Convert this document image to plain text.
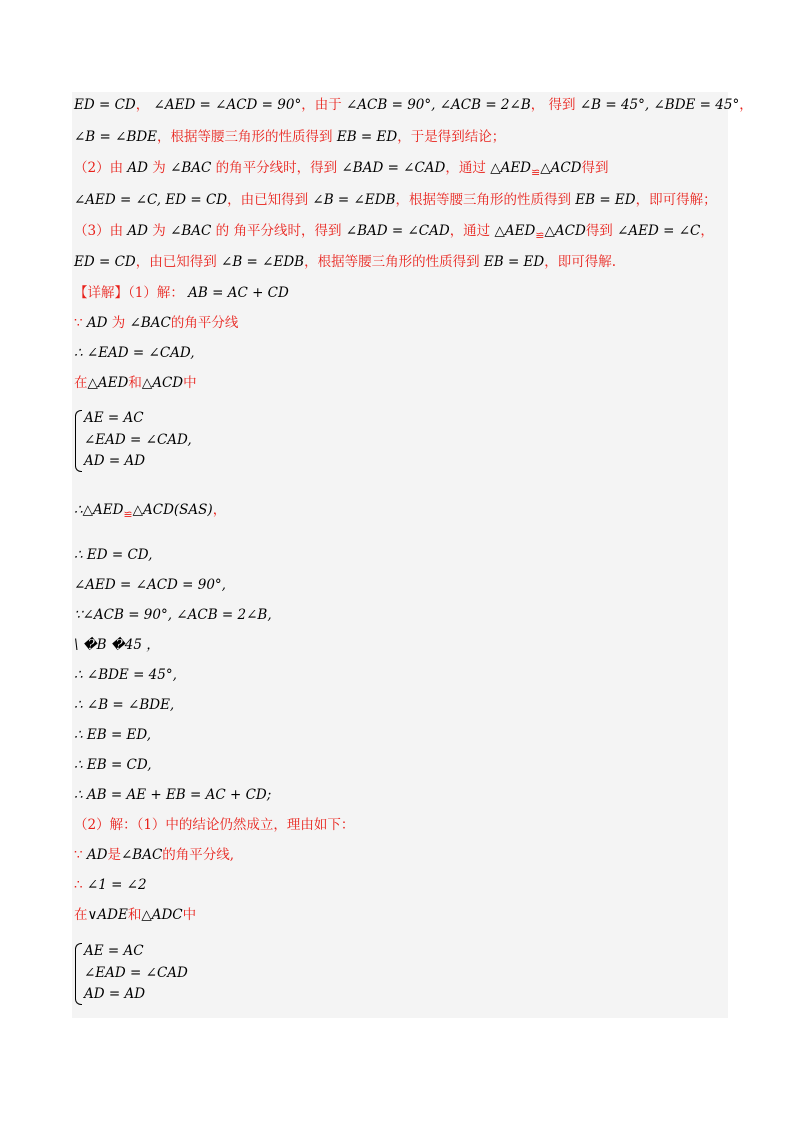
ED = CD， ∠AED = ∠ACD = 90°，由于 ∠ACB = 90°, ∠ACB = 2∠B， 得到 ∠B = 45°, ∠BDE = 45°，
∠B = ∠BDE，根据等腰三角形的性质得到 EB = ED，于是得到结论；
（2）由 AD 为 ∠BAC 的角平分线时，得到 ∠BAD = ∠CAD，通过 $\triangle AED_≌\triangle ACD$得到
∠AED = ∠C, ED = CD，由已知得到 ∠B = ∠EDB，根据等腰三角形的性质得到 EB = ED，即可得解；
（3）由 AD 为 ∠BAC 的 角平分线时，得到 ∠BAD = ∠CAD，通过 $\triangle AED_≌\triangle ACD$得到 ∠AED = ∠C，
ED = CD，由已知得到 ∠B = ∠EDB，根据等腰三角形的性质得到 EB = ED，即可得解.
【详解】（1）解： AB = AC + CD
∵ AD 为 ∠BAC的角平分线
∴ ∠EAD = ∠CAD,
在△AED和△ACD中
AE = AC
∠EAD = ∠CAD,
AD = AD
$\therefore\triangle AED_≌\triangle ACD(SAS)$，
∴ ED = CD,
∠AED = ∠ACD = 90°,
∵∠ACB = 90°, ∠ACB = 2∠B,
\ �B �45 ，
∴ ∠BDE = 45°,
∴ ∠B = ∠BDE,
∴ EB = ED,
∴ EB = CD,
∴ AB = AE + EB = AC + CD;
（2）解：（1）中的结论仍然成立，理由如下：
∵ AD是∠BAC的角平分线,
∴ ∠1 = ∠2
在∨ADE和△ADC中
AE = AC
∠EAD = ∠CAD
AD = AD
